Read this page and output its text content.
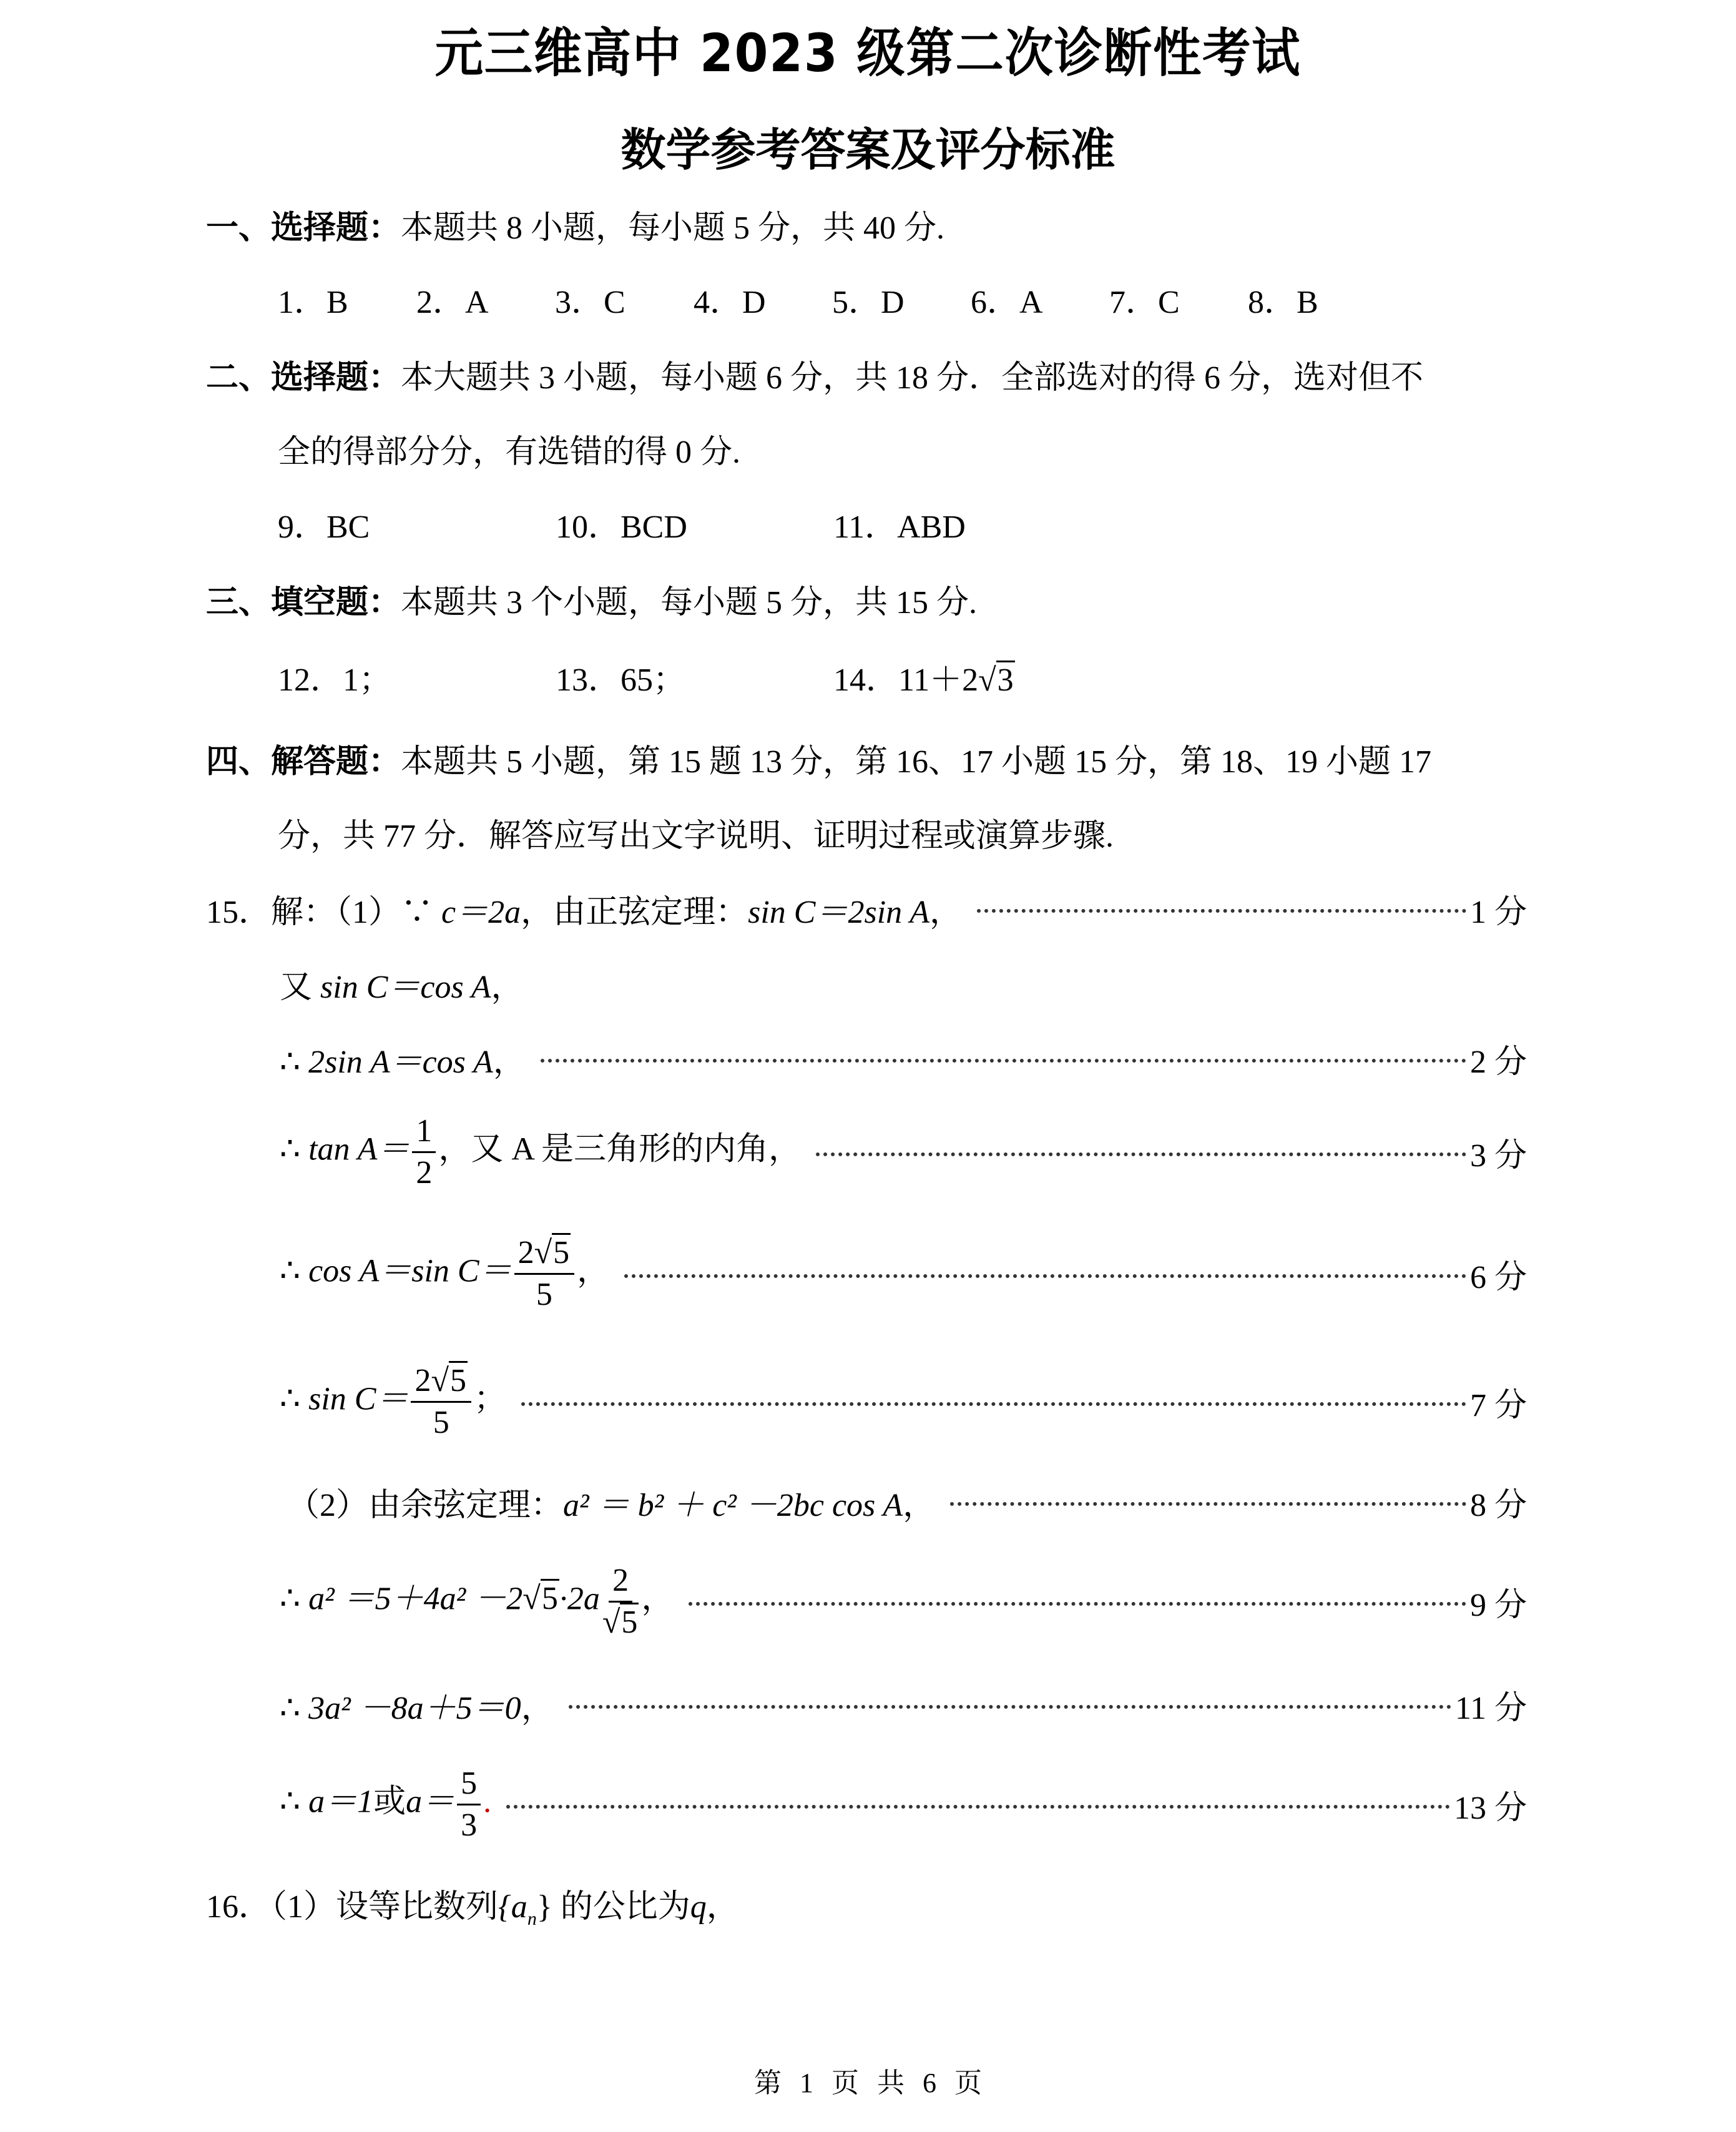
元三维高中 2023 级第二次诊断性考试
数学参考答案及评分标准
一、选择题：本题共 8 小题，每小题 5 分，共 40 分.
1．B 2．A 3．C 4．D 5．D 6．A 7．C 8．B
二、选择题：本大题共 3 小题，每小题 6 分，共 18 分．全部选对的得 6 分，选对但不
全的得部分分，有选错的得 0 分.
9．BC	10．BCD	11．ABD
三、填空题：本题共 3 个小题，每小题 5 分，共 15 分.
12．1；	13．65；	14．11＋2√3
四、解答题：本题共 5 小题，第 15 题 13 分，第 16、17 小题 15 分，第 18、19 小题 17
分，共 77 分．解答应写出文字说明、证明过程或演算步骤.
15．解：（1）∵ c＝2a，由正弦定理：sin C＝2sin A，	1 分
又 sin C＝cos A，
∴ 2sin A＝cos A，	2 分
∴ $\tan A= \frac{1}{2}$ ，又 A 是三角形的内角，	3 分
∴ cos A＝sin $C= \frac{2√5}{5}$ ，	6 分
∴ $\sin C= \frac{2√5}{5}$ ；	7 分
（2）由余弦定理：a² ＝ b² ＋ c² －2bc cos A，	8 分
∴ $a^2 =5+4a^2 -2√5\cdot 2a \frac{2}{√5}$ ，	9 分
∴ 3a² －8a＋5＝0，	11 分
∴ a＝1或$a= \frac{5}{3}$ .	13 分
16．（1）设等比数列$\{a_n\}$ 的公比为q，
第 1 页 共 6 页
